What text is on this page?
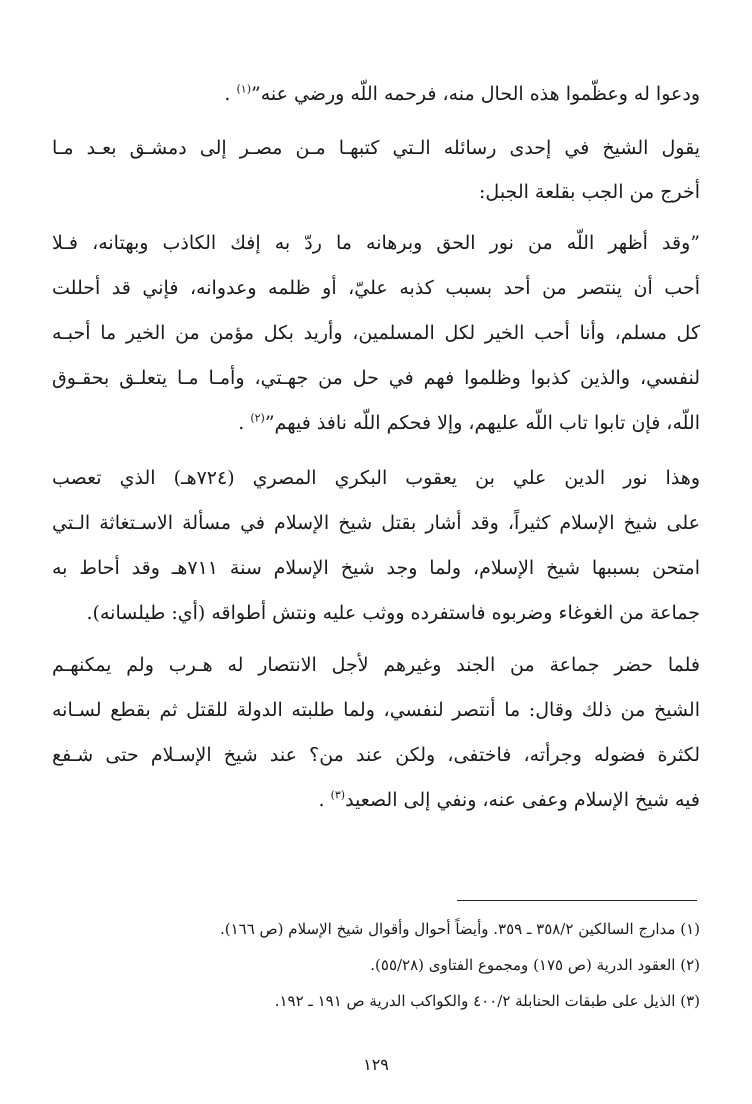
ودعوا له وعظّموا هذه الحال منه، فرحمه اللّه ورضي عنه”$^{(١)}$ .
يقول الشيخ في إحدى رسائله الـتي كتبهـا مـن مصـر إلى دمشـق بعـد مـا
أخرج من الجب بقلعة الجبل:
”وقد أظهر اللّه من نور الحق وبرهانه ما ردّ به إفك الكاذب وبهتانه، فـلا
أحب أن ينتصر من أحد بسبب كذبه عليّ، أو ظلمه وعدوانه، فإني قد أحللت
كل مسلم، وأنا أحب الخير لكل المسلمين، وأريد بكل مؤمن من الخير ما أحبـه
لنفسي، والذين كذبوا وظلموا فهم في حل من جهـتي، وأمـا مـا يتعلـق بحقـوق
اللّه، فإن تابوا تاب اللّه عليهم، وإلا فحكم اللّه نافذ فيهم”$^{(٢)}$ .
وهذا نور الدين علي بن يعقوب البكري المصري (٧٢٤هـ) الذي تعصب
على شيخ الإسلام كثيراً، وقد أشار بقتل شيخ الإسلام في مسألة الاسـتغاثة الـتي
امتحن بسببها شيخ الإسلام، ولما وجد شيخ الإسلام سنة ٧١١هـ وقد أحاط به
جماعة من الغوغاء وضربوه فاستفرده ووثب عليه ونتش أطواقه (أي: طيلسانه).
فلما حضر جماعة من الجند وغيرهم لأجل الانتصار له هـرب ولم يمكنهـم
الشيخ من ذلك وقال: ما أنتصر لنفسي، ولما طلبته الدولة للقتل ثم بقطع لسـانه
لكثرة فضوله وجرأته، فاختفى، ولكن عند من؟ عند شيخ الإسـلام حتى شـفع
فيه شيخ الإسلام وعفى عنه، ونفي إلى الصعيد$^{(٣)}$ .
(١) مدارج السالكين ٣٥٨/٢ ـ ٣٥٩. وأيضاً أحوال وأقوال شيخ الإسلام (ص ١٦٦).
(٢) العقود الدرية (ص ١٧٥) ومجموع الفتاوى (٥٥/٢٨).
(٣) الذيل على طبقات الحنابلة ٤٠٠/٢ والكواكب الدرية ص ١٩١ ـ ١٩٢.
١٢٩
